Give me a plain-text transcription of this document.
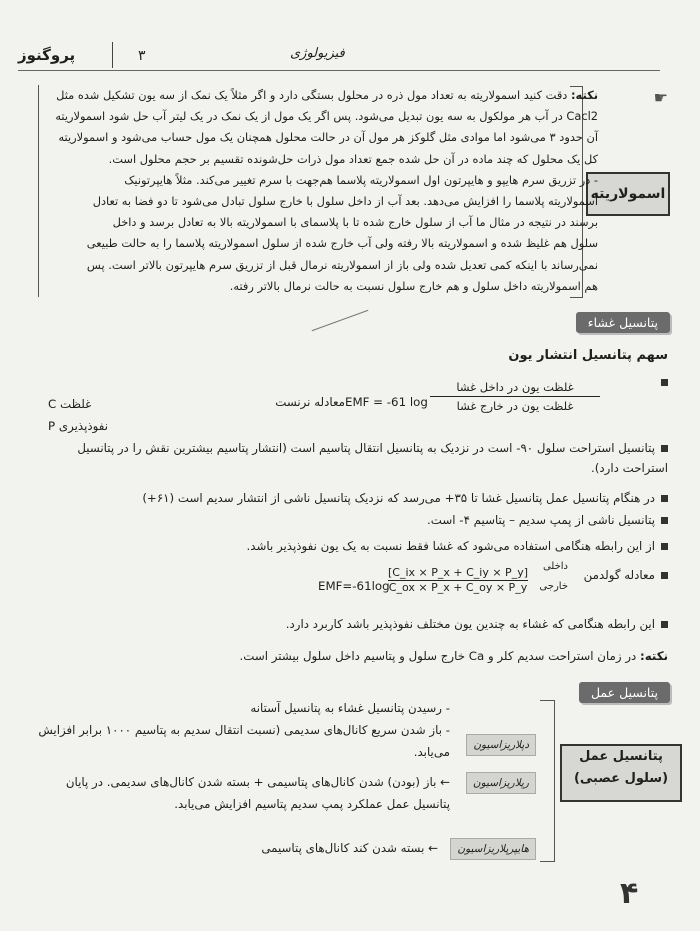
پروگنوز	۳	فیزیولوژی
☛
اسمولاریته
نکته: دقت کنید اسمولاریته به تعداد مول ذره در محلول بستگی دارد و اگر مثلاً یک نمک از سه یون تشکیل شده مثل
Cacl2 در آب هر مولکول به سه یون تبدیل می‌شود. پس اگر یک مول از یک نمک در یک لیتر آب حل شود اسمولاریته
آن حدود ۳ می‌شود اما موادی مثل گلوکز هر مول آن در حالت محلول همچنان یک مول حساب می‌شود و اسمولاریته
کل یک محلول که چند ماده در آن حل شده جمع تعداد مول ذرات حل‌شونده تقسیم بر حجم محلول است.
- در تزریق سرم هایپو و هایپرتون اول اسمولاریته پلاسما هم‌جهت با سرم تغییر می‌کند. مثلاً هایپرتونیک
اسمولاریته پلاسما را افزایش می‌دهد. بعد آب از داخل سلول با خارج سلول تبادل می‌شود تا دو فضا به تعادل
برسند در نتیجه در مثال ما آب از سلول خارج شده تا با پلاسمای با اسمولاریته بالا به تعادل برسد و داخل
سلول هم غلیظ شده و اسمولاریته بالا رفته ولی آب خارج شده از سلول اسمولاریته پلاسما را به حالت طبیعی
نمی‌رساند با اینکه کمی تعدیل شده ولی باز از اسمولاریته نرمال قبل از تزریق سرم هایپرتون بالاتر است. پس
هم اسمولاریته داخل سلول و هم خارج سلول نسبت به حالت نرمال بالاتر رفته.
پتانسیل غشاء
سهم پتانسیل انتشار یون
غلظت یون در داخل غشا
غلظت یون در خارج غشا
EMF = -61 log
معادله نرنست
غلظت C
نفوذپذیری P
پتانسیل استراحت سلول ۹۰- است در نزدیک به پتانسیل انتقال پتاسیم است (انتشار پتاسیم بیشترین نقش را در پتانسیل
استراحت دارد).
در هنگام پتانسیل عمل پتانسیل غشا تا ۳۵+ می‌رسد که نزدیک پتانسیل ناشی از انتشار سدیم است (۶۱+)
پتانسیل ناشی از پمپ سدیم – پتاسیم ۴- است.
از این رابطه هنگامی استفاده می‌شود که غشا فقط نسبت به یک یون نفوذپذیر باشد.
معادله گولدمن
داخلی
خارجی
$\frac{[C\_ix \times P\_x + C\_iy \times P\_y]}{C\_ox \times P\_x + C\_oy \times P\_y}$
EMF=-61log
این رابطه هنگامی که غشاء به چندین یون مختلف نفوذپذیر باشد کاربرد دارد.
نکته: در زمان استراحت سدیم کلر و Ca خارج سلول و پتاسیم داخل سلول بیشتر است.
پتانسیل عمل
پتانسیل عمل (سلول عصبی)
دپلاریزاسیون
- رسیدن پتانسیل غشاء به پتانسیل آستانه
- باز شدن سریع کانال‌های سدیمی (نسبت انتقال سدیم به پتاسیم ۱۰۰۰ برابر افزایش
می‌یابد.
رپلاریزاسیون
← باز (بودن) شدن کانال‌های پتاسیمی + بسته شدن کانال‌های سدیمی. در پایان
پتانسیل عمل عملکرد پمپ سدیم پتاسیم افزایش می‌یابد.
هایپرپلاریزاسیون
← بسته شدن کند کانال‌های پتاسیمی
۴
